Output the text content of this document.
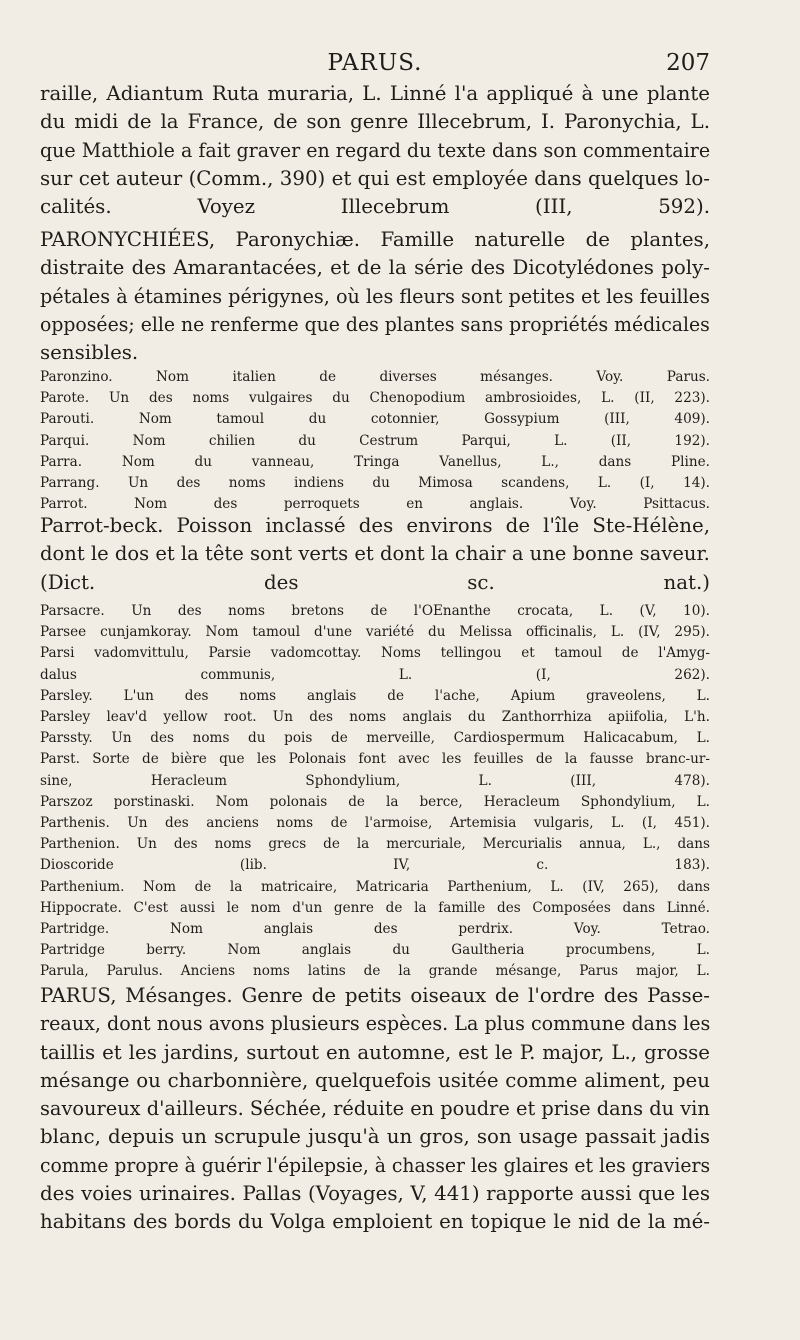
PARUS.	207
raille, Adiantum Ruta muraria, L. Linné l'a appliqué à une plante
du midi de la France, de son genre Illecebrum, I. Paronychia, L.
que Matthiole a fait graver en regard du texte dans son commentaire
sur cet auteur (Comm., 390) et qui est employée dans quelques lo-
calités. Voyez Illecebrum (III, 592).
PARONYCHIÉES, Paronychiæ. Famille naturelle de plantes,
distraite des Amarantacées, et de la série des Dicotylédones poly-
pétales à étamines périgynes, où les fleurs sont petites et les feuilles
opposées; elle ne renferme que des plantes sans propriétés médicales
sensibles.
Paronzino. Nom italien de diverses mésanges. Voy. Parus.
Parote. Un des noms vulgaires du Chenopodium ambrosioides, L. (II, 223).
Parouti. Nom tamoul du cotonnier, Gossypium (III, 409).
Parqui. Nom chilien du Cestrum Parqui, L. (II, 192).
Parra. Nom du vanneau, Tringa Vanellus, L., dans Pline.
Parrang. Un des noms indiens du Mimosa scandens, L. (I, 14).
Parrot. Nom des perroquets en anglais. Voy. Psittacus.
Parrot-beck. Poisson inclassé des environs de l'île Ste-Hélène,
dont le dos et la tête sont verts et dont la chair a une bonne saveur.
(Dict. des sc. nat.)
Parsacre. Un des noms bretons de l'OEnanthe crocata, L. (V, 10).
Parsee cunjamkoray. Nom tamoul d'une variété du Melissa officinalis, L. (IV, 295).
Parsi vadomvittulu, Parsie vadomcottay. Noms tellingou et tamoul de l'Amyg-
dalus communis, L. (I, 262).
Parsley. L'un des noms anglais de l'ache, Apium graveolens, L.
Parsley leav'd yellow root. Un des noms anglais du Zanthorrhiza apiifolia, L'h.
Parssty. Un des noms du pois de merveille, Cardiospermum Halicacabum, L.
Parst. Sorte de bière que les Polonais font avec les feuilles de la fausse branc-ur-
sine, Heracleum Sphondylium, L. (III, 478).
Parszoz porstinaski. Nom polonais de la berce, Heracleum Sphondylium, L.
Parthenis. Un des anciens noms de l'armoise, Artemisia vulgaris, L. (I, 451).
Parthenion. Un des noms grecs de la mercuriale, Mercurialis annua, L., dans
Dioscoride (lib. IV, c. 183).
Parthenium. Nom de la matricaire, Matricaria Parthenium, L. (IV, 265), dans
Hippocrate. C'est aussi le nom d'un genre de la famille des Composées dans Linné.
Partridge. Nom anglais des perdrix. Voy. Tetrao.
Partridge berry. Nom anglais du Gaultheria procumbens, L.
Parula, Parulus. Anciens noms latins de la grande mésange, Parus major, L.
PARUS, Mésanges. Genre de petits oiseaux de l'ordre des Passe-
reaux, dont nous avons plusieurs espèces. La plus commune dans les
taillis et les jardins, surtout en automne, est le P. major, L., grosse
mésange ou charbonnière, quelquefois usitée comme aliment, peu
savoureux d'ailleurs. Séchée, réduite en poudre et prise dans du vin
blanc, depuis un scrupule jusqu'à un gros, son usage passait jadis
comme propre à guérir l'épilepsie, à chasser les glaires et les graviers
des voies urinaires. Pallas (Voyages, V, 441) rapporte aussi que les
habitans des bords du Volga emploient en topique le nid de la mé-
